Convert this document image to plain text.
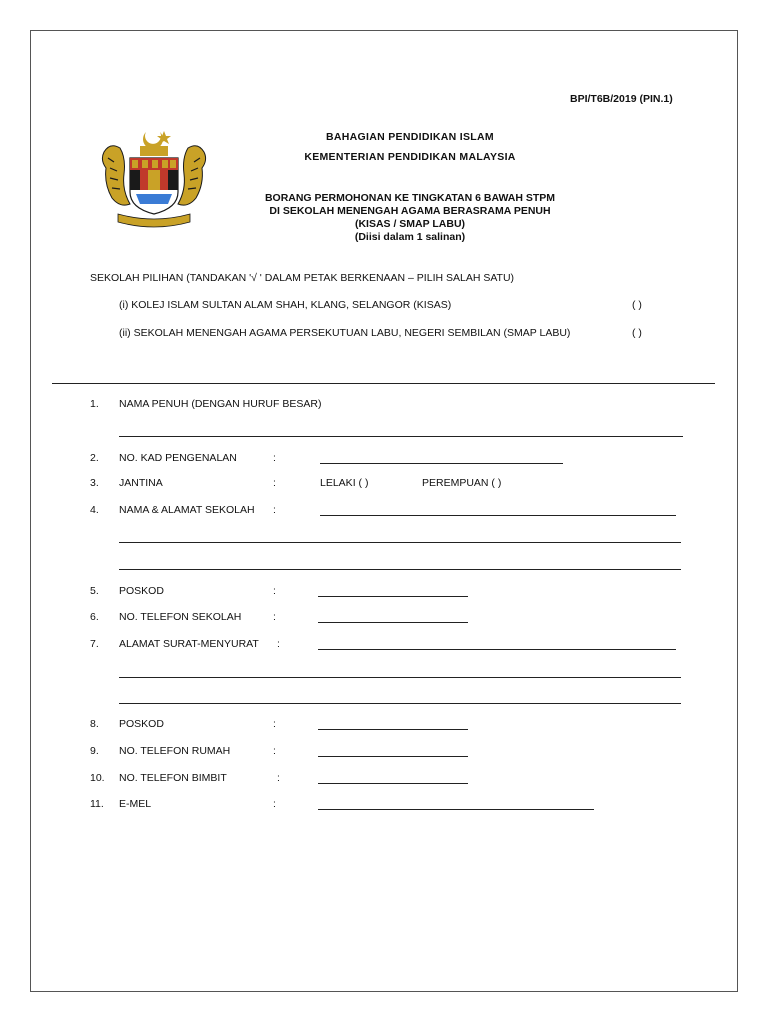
BPI/T6B/2019 (PIN.1)
BAHAGIAN PENDIDIKAN ISLAM
KEMENTERIAN PENDIDIKAN MALAYSIA
BORANG PERMOHONAN KE TINGKATAN 6 BAWAH STPM
DI SEKOLAH MENENGAH AGAMA BERASRAMA PENUH
(KISAS / SMAP LABU)
(Diisi dalam 1 salinan)
SEKOLAH PILIHAN (TANDAKAN '√ ' DALAM PETAK BERKENAAN – PILIH SALAH SATU)
(i) KOLEJ ISLAM SULTAN ALAM SHAH, KLANG, SELANGOR (KISAS)	( )
(ii) SEKOLAH MENENGAH AGAMA PERSEKUTUAN LABU, NEGERI SEMBILAN (SMAP LABU)	( )
1. NAMA PENUH (DENGAN HURUF BESAR)
2. NO. KAD PENGENALAN	:
3. JANTINA	:	LELAKI ( )	PEREMPUAN ( )
4. NAMA & ALAMAT SEKOLAH :
5. POSKOD	:
6. NO. TELEFON SEKOLAH	:
7. ALAMAT SURAT-MENYURAT :
8. POSKOD	:
9. NO. TELEFON RUMAH	:
10. NO. TELEFON BIMBIT	:
11. E-MEL	:
